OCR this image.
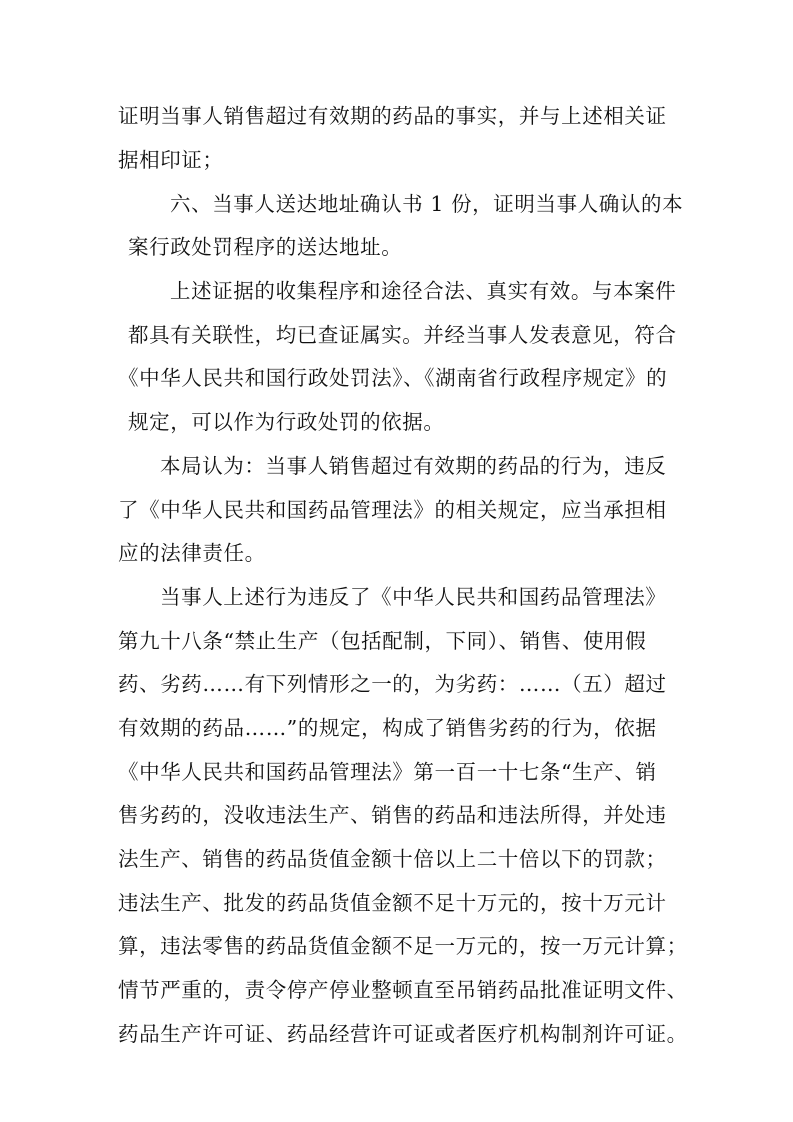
证明当事人销售超过有效期的药品的事实，并与上述相关证
据相印证；
六、当事人送达地址确认书 1 份，证明当事人确认的本
案行政处罚程序的送达地址。
上述证据的收集程序和途径合法、真实有效。与本案件
都具有关联性，均已查证属实。并经当事人发表意见，符合
《中华人民共和国行政处罚法》、《湖南省行政程序规定》的
规定，可以作为行政处罚的依据。
本局认为：当事人销售超过有效期的药品的行为，违反
了《中华人民共和国药品管理法》的相关规定，应当承担相
应的法律责任。
当事人上述行为违反了《中华人民共和国药品管理法》
第九十八条“禁止生产（包括配制，下同）、销售、使用假
药、劣药……有下列情形之一的，为劣药：……（五）超过
有效期的药品……”的规定，构成了销售劣药的行为，依据
《中华人民共和国药品管理法》第一百一十七条“生产、销
售劣药的，没收违法生产、销售的药品和违法所得，并处违
法生产、销售的药品货值金额十倍以上二十倍以下的罚款；
违法生产、批发的药品货值金额不足十万元的，按十万元计
算，违法零售的药品货值金额不足一万元的，按一万元计算；
情节严重的，责令停产停业整顿直至吊销药品批准证明文件、
药品生产许可证、药品经营许可证或者医疗机构制剂许可证。
